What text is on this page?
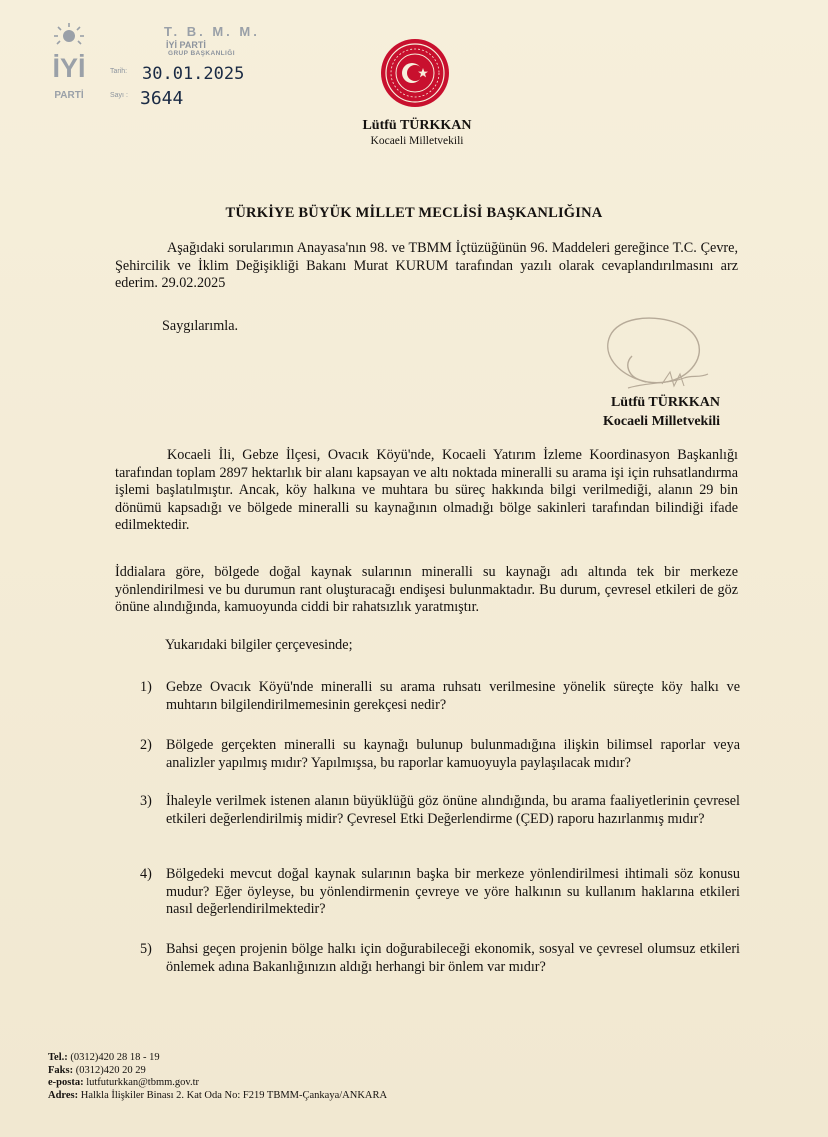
İYİ
PARTİ
T. B. M. M.
İYİ PARTİ
GRUP BAŞKANLIĞI
Tarih: 30.01.2025
Sayı : 3644
Lütfü TÜRKKAN
Kocaeli Milletvekili
TÜRKİYE BÜYÜK MİLLET MECLİSİ BAŞKANLIĞINA
Aşağıdaki sorularımın Anayasa'nın 98. ve TBMM İçtüzüğünün 96. Maddeleri gereğince T.C. Çevre, Şehircilik ve İklim Değişikliği Bakanı Murat KURUM tarafından yazılı olarak cevaplandırılmasını arz ederim. 29.02.2025
Saygılarımla.
Lütfü TÜRKKAN
Kocaeli Milletvekili
Kocaeli İli, Gebze İlçesi, Ovacık Köyü'nde, Kocaeli Yatırım İzleme Koordinasyon Başkanlığı tarafından toplam 2897 hektarlık bir alanı kapsayan ve altı noktada mineralli su arama işi için ruhsatlandırma işlemi başlatılmıştır. Ancak, köy halkına ve muhtara bu süreç hakkında bilgi verilmediği, alanın 29 bin dönümü kapsadığı ve bölgede mineralli su kaynağının olmadığı bölge sakinleri tarafından bilindiği ifade edilmektedir.
İddialara göre, bölgede doğal kaynak sularının mineralli su kaynağı adı altında tek bir merkeze yönlendirilmesi ve bu durumun rant oluşturacağı endişesi bulunmaktadır. Bu durum, çevresel etkileri de göz önüne alındığında, kamuoyunda ciddi bir rahatsızlık yaratmıştır.
Yukarıdaki bilgiler çerçevesinde;
1) Gebze Ovacık Köyü'nde mineralli su arama ruhsatı verilmesine yönelik süreçte köy halkı ve muhtarın bilgilendirilmemesinin gerekçesi nedir?
2) Bölgede gerçekten mineralli su kaynağı bulunup bulunmadığına ilişkin bilimsel raporlar veya analizler yapılmış mıdır? Yapılmışsa, bu raporlar kamuoyuyla paylaşılacak mıdır?
3) İhaleyle verilmek istenen alanın büyüklüğü göz önüne alındığında, bu arama faaliyetlerinin çevresel etkileri değerlendirilmiş midir? Çevresel Etki Değerlendirme (ÇED) raporu hazırlanmış mıdır?
4) Bölgedeki mevcut doğal kaynak sularının başka bir merkeze yönlendirilmesi ihtimali söz konusu mudur? Eğer öyleyse, bu yönlendirmenin çevreye ve yöre halkının su kullanım haklarına etkileri nasıl değerlendirilmektedir?
5) Bahsi geçen projenin bölge halkı için doğurabileceği ekonomik, sosyal ve çevresel olumsuz etkileri önlemek adına Bakanlığınızın aldığı herhangi bir önlem var mıdır?
Tel.: (0312)420 28 18 - 19
Faks: (0312)420 20 29
e-posta: lutfuturkkan@tbmm.gov.tr
Adres: Halkla İlişkiler Binası 2. Kat Oda No: F219 TBMM-Çankaya/ANKARA
